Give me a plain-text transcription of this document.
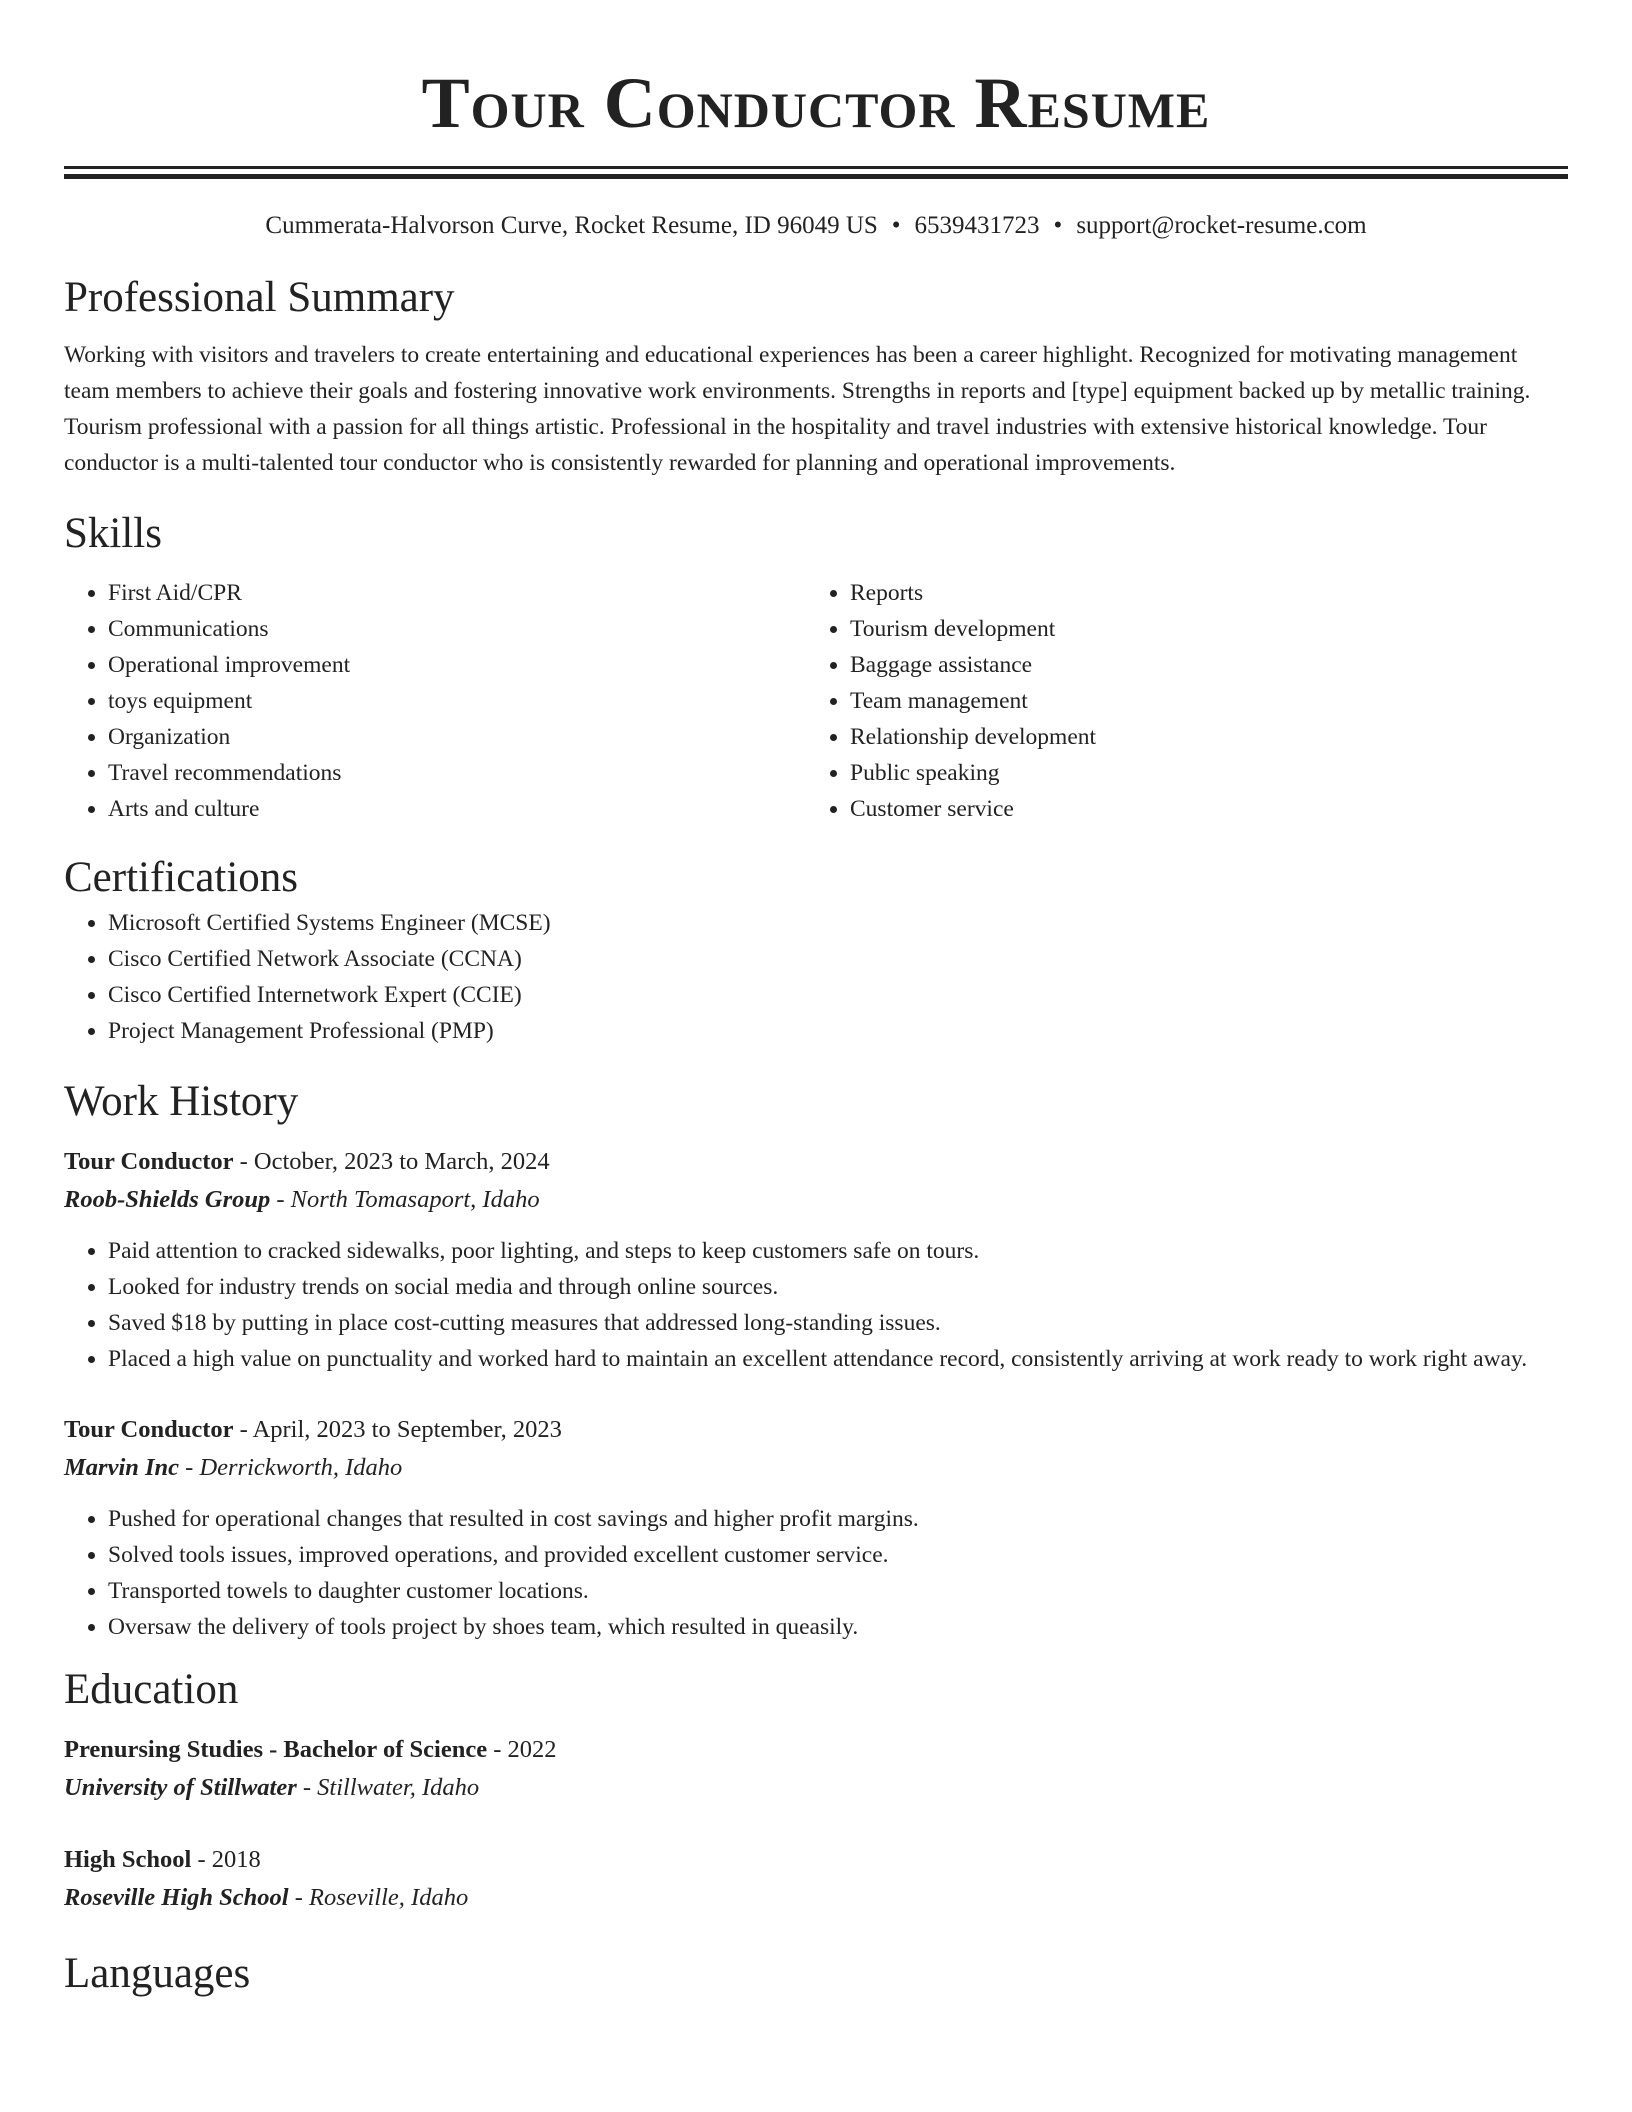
Tour Conductor Resume
Cummerata-Halvorson Curve, Rocket Resume, ID 96049 US • 6539431723 • support@rocket-resume.com
Professional Summary

Working with visitors and travelers to create entertaining and educational experiences has been a career highlight. Recognized for motivating management team members to achieve their goals and fostering innovative work environments. Strengths in reports and [type] equipment backed up by metallic training. Tourism professional with a passion for all things artistic. Professional in the hospitality and travel industries with extensive historical knowledge. Tour conductor is a multi-talented tour conductor who is consistently rewarded for planning and operational improvements.

Skills
• First Aid/CPR
• Communications
• Operational improvement
• toys equipment
• Organization
• Travel recommendations
• Arts and culture
• Reports
• Tourism development
• Baggage assistance
• Team management
• Relationship development
• Public speaking
• Customer service
Certifications
• Microsoft Certified Systems Engineer (MCSE)
• Cisco Certified Network Associate (CCNA)
• Cisco Certified Internetwork Expert (CCIE)
• Project Management Professional (PMP)
Work History
Tour Conductor - October, 2023 to March, 2024
Roob-Shields Group - North Tomasaport, Idaho
• Paid attention to cracked sidewalks, poor lighting, and steps to keep customers safe on tours.
• Looked for industry trends on social media and through online sources.
• Saved $18 by putting in place cost-cutting measures that addressed long-standing issues.
• Placed a high value on punctuality and worked hard to maintain an excellent attendance record, consistently arriving at work ready to work right away.
Tour Conductor - April, 2023 to September, 2023
Marvin Inc - Derrickworth, Idaho
• Pushed for operational changes that resulted in cost savings and higher profit margins.
• Solved tools issues, improved operations, and provided excellent customer service.
• Transported towels to daughter customer locations.
• Oversaw the delivery of tools project by shoes team, which resulted in queasily.
Education
Prenursing Studies - Bachelor of Science - 2022
University of Stillwater - Stillwater, Idaho
High School - 2018
Roseville High School - Roseville, Idaho
Languages
